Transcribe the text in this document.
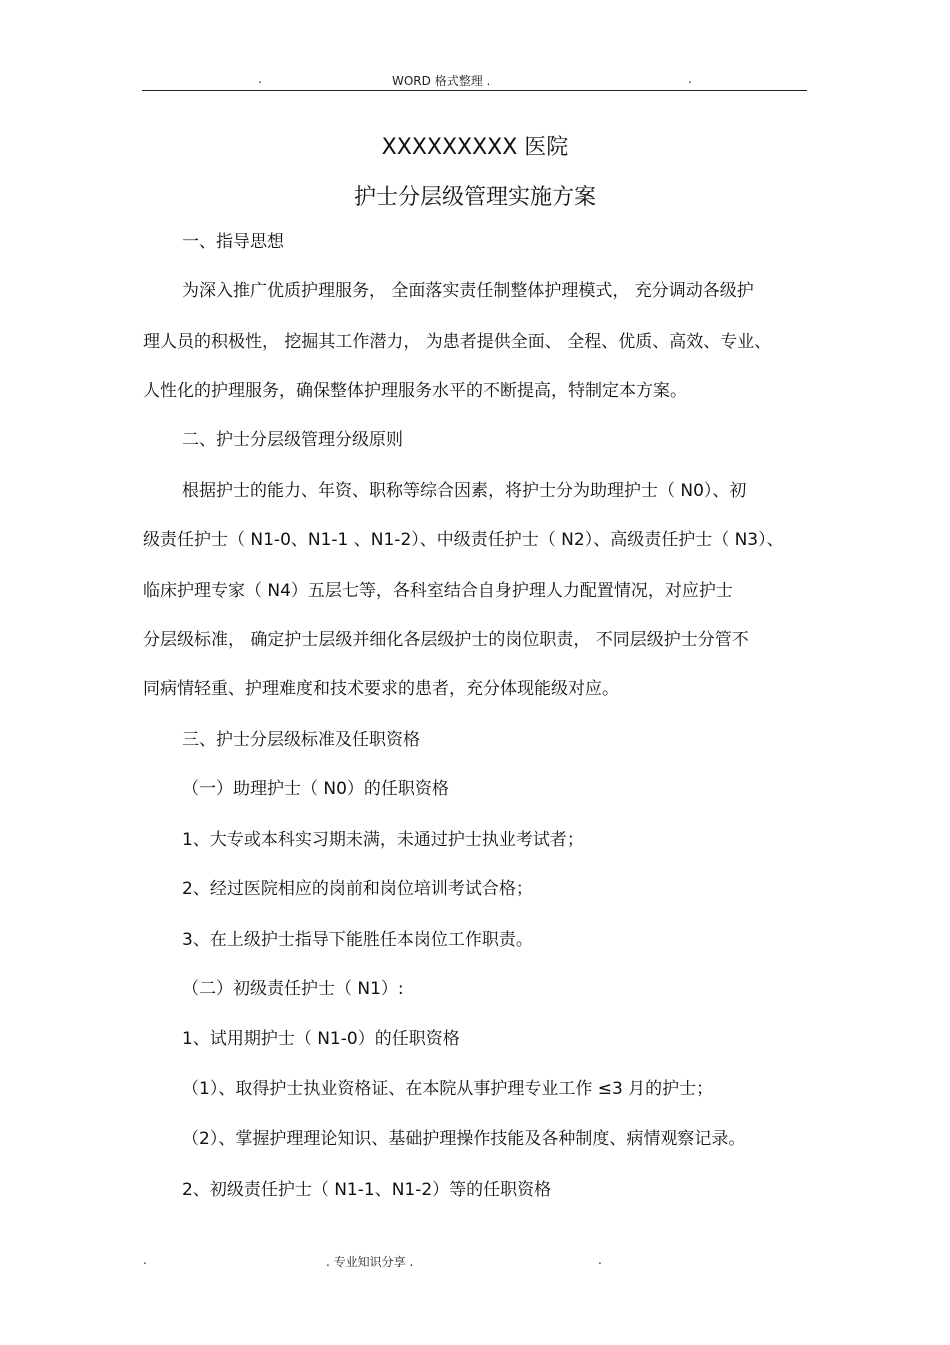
.	WORD 格式整理 .	.
XXXXXXXXX 医院
护士分层级管理实施方案
一、指导思想
为深入推广优质护理服务， 全面落实责任制整体护理模式， 充分调动各级护
理人员的积极性， 挖掘其工作潜力， 为患者提供全面、 全程、优质、高效、专业、
人性化的护理服务，确保整体护理服务水平的不断提高，特制定本方案。
二、护士分层级管理分级原则
根据护士的能力、年资、职称等综合因素，将护士分为助理护士（ N0）、初
级责任护士（ N1-0、N1-1 、N1-2）、中级责任护士（ N2）、高级责任护士（ N3）、
临床护理专家（ N4）五层七等，各科室结合自身护理人力配置情况，对应护士
分层级标准， 确定护士层级并细化各层级护士的岗位职责， 不同层级护士分管不
同病情轻重、护理难度和技术要求的患者，充分体现能级对应。
三、护士分层级标准及任职资格
（一）助理护士（ N0）的任职资格
1、大专或本科实习期未满，未通过护士执业考试者；
2、经过医院相应的岗前和岗位培训考试合格；
3、在上级护士指导下能胜任本岗位工作职责。
（二）初级责任护士（ N1）:
1、试用期护士（ N1-0）的任职资格
（1）、取得护士执业资格证、在本院从事护理专业工作 ≤3 月的护士；
（2）、掌握护理理论知识、基础护理操作技能及各种制度、病情观察记录。
2、初级责任护士（ N1-1、N1-2）等的任职资格
.	. 专业知识分享 .	.
